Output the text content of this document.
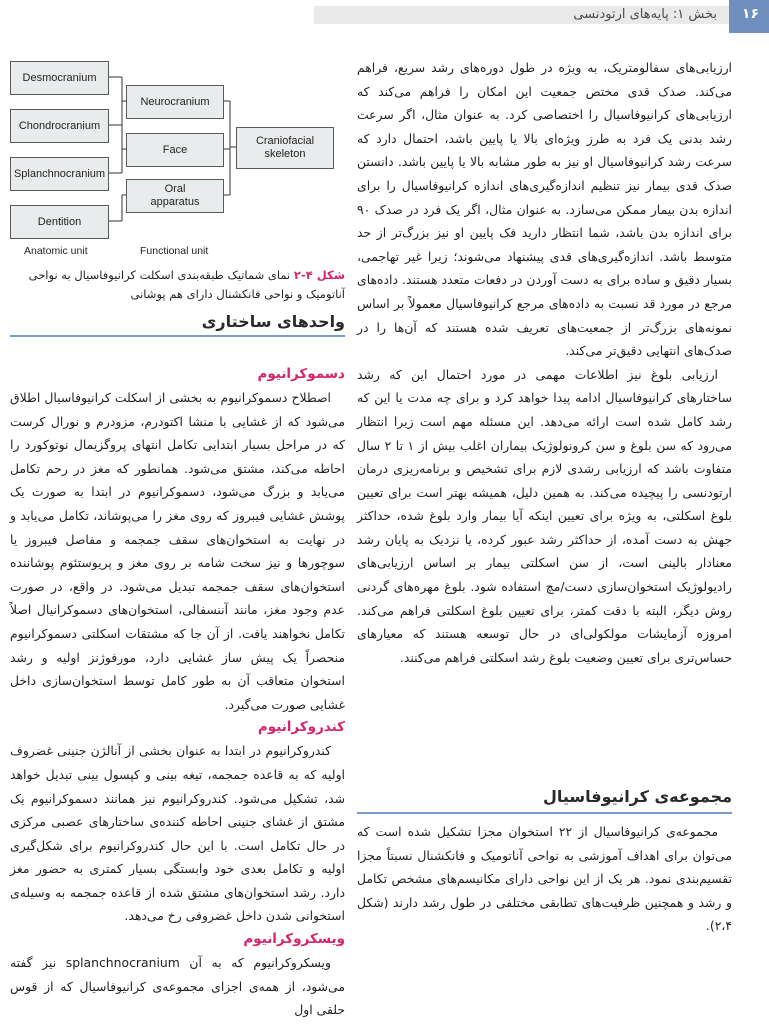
بخش ۱: پایه‌های ارتودنسی ۱۶
Desmocranium
Chondrocranium
Splanchnocranium
Dentition
Neurocranium
Face
Oral
apparatus
Craniofacial
skeleton
Anatomic unit	Functional unit
شکل ۴-۲ نمای شماتیک طبقه‌بندی اسکلت کرانیوفاسیال به نواحی آناتومیک و نواحی فانکشنال دارای هم پوشانی

ارزیابی‌های سفالومتریک، به ویژه در طول دوره‌های رشد سریع، فراهم می‌کند. صدک قدی مختص جمعیت این امکان را فراهم می‌کند که ارزیابی‌های کرانیوفاسیال را اختصاصی کرد. به عنوان مثال، اگر سرعت رشد بدنی یک فرد به طرز ویژه‌ای بالا یا پایین باشد، احتمال دارد که سرعت رشد کرانیوفاسیال او نیز به طور مشابه بالا یا پایین باشد. دانستن صدک قدی بیمار نیز تنظیم اندازه‌گیری‌های اندازه کرانیوفاسیال را برای اندازه بدن بیمار ممکن می‌سازد. به عنوان مثال، اگر یک فرد در صدک ۹۰ برای اندازه بدن باشد، شما انتظار دارید فک پایین او نیز بزرگ‌تر از حد متوسط باشد. اندازه‌گیری‌های قدی پیشنهاد می‌شوند؛ زیرا غیر تهاجمی، بسیار دقیق و ساده برای به دست آوردن در دفعات متعدد هستند. داده‌های مرجع در مورد قد نسبت به داده‌های مرجع کرانیوفاسیال معمولاً بر اساس نمونه‌های بزرگ‌تر از جمعیت‌های تعریف شده هستند که آن‌ها را در صدک‌های انتهایی دقیق‌تر می‌کند.

ارزیابی بلوغ نیز اطلاعات مهمی در مورد احتمال این که رشد ساختارهای کرانیوفاسیال ادامه پیدا خواهد کرد و برای چه مدت یا این که رشد کامل شده است ارائه می‌دهد. این مسئله مهم است زیرا انتظار می‌رود که سن بلوغ و سن کرونولوژیک بیماران اغلب بیش از ۱ تا ۲ سال متفاوت باشد که ارزیابی رشدی لازم برای تشخیص و برنامه‌ریزی درمان ارتودنسی را پیچیده می‌کند. به همین دلیل، همیشه بهتر است برای تعیین بلوغ اسکلتی، به ویژه برای تعیین اینکه آیا بیمار وارد بلوغ شده، حداکثر جهش به دست آمده، از حداکثر رشد عبور کرده، یا نزدیک به پایان رشد معنادار بالینی است، از سن اسکلتی بیمار بر اساس ارزیابی‌های رادیولوژیک استخوان‌سازی دست/مچ استفاده شود. بلوغ مهره‌های گردنی روش دیگر، البته با دقت کمتر، برای تعیین بلوغ اسکلتی فراهم می‌کند. امروزه آزمایشات مولکولی‌ای در حال توسعه هستند که معیارهای حساس‌تری برای تعیین وضعیت بلوغ رشد اسکلتی فراهم می‌کنند.

مجموعه‌ی کرانیوفاسیال

مجموعه‌ی کرانیوفاسیال از ۲۲ استخوان مجزا تشکیل شده است که می‌توان برای اهداف آموزشی به نواحی آناتومیک و فانکشنال نسبتاً مجزا تقسیم‌بندی نمود. هر یک از این نواحی دارای مکانیسم‌های مشخص تکامل و رشد و همچنین ظرفیت‌های تطابقی مختلفی در طول رشد دارند (شکل ۲،۴).

واحدهای ساختاری
دسموکرانیوم

اصطلاح دسموکرانیوم به بخشی از اسکلت کرانیوفاسیال اطلاق می‌شود که از غشایی با منشا اکتودرم، مزودرم و نورال کرست که در مراحل بسیار ابتدایی تکامل انتهای پروگزیمال نوتوکورد را احاطه می‌کند، مشتق می‌شود. همانطور که مغز در رحم تکامل می‌یابد و بزرگ می‌شود، دسموکرانیوم در ابتدا به صورت یک پوشش غشایی فیبروز که روی مغز را می‌پوشاند، تکامل می‌یابد و در نهایت به استخوان‌های سقف جمجمه و مفاصل فیبروز یا سوچورها و نیز سخت شامه بر روی مغز و پریوستئوم پوشاننده استخوان‌های سقف جمجمه تبدیل می‌شود. در واقع، در صورت عدم وجود مغز، مانند آننسفالی، استخوان‌های دسموکرانیال اصلاً تکامل نخواهند یافت. از آن جا که مشتقات اسکلتی دسموکرانیوم منحصراً یک پیش ساز غشایی دارد، مورفوژنز اولیه و رشد استخوان متعاقب آن به طور کامل توسط استخوان‌سازی داخل غشایی صورت می‌گیرد.

کندروکرانیوم

کندروکرانیوم در ابتدا به عنوان بخشی از آنالژن جنینی غضروف اولیه که به قاعده جمجمه، تیغه بینی و کپسول بینی تبدیل خواهد شد، تشکیل می‌شود. کندروکرانیوم نیز همانند دسموکرانیوم یک مشتق از غشای جنینی احاطه کننده‌ی ساختارهای عصبی مرکزی در حال تکامل است. با این حال کندروکرانیوم برای شکل‌گیری اولیه و تکامل بعدی خود وابستگی بسیار کمتری به حضور مغز دارد. رشد استخوان‌های مشتق شده از قاعده جمجمه به وسیله‌ی استخوانی شدن داخل غضروفی رخ می‌دهد.

ویسکروکرانیوم

ویسکروکرانیوم که به آن splanchnocranium نیز گفته می‌شود، از همه‌ی اجزای مجموعه‌ی کرانیوفاسیال که از قوس حلقی اول
